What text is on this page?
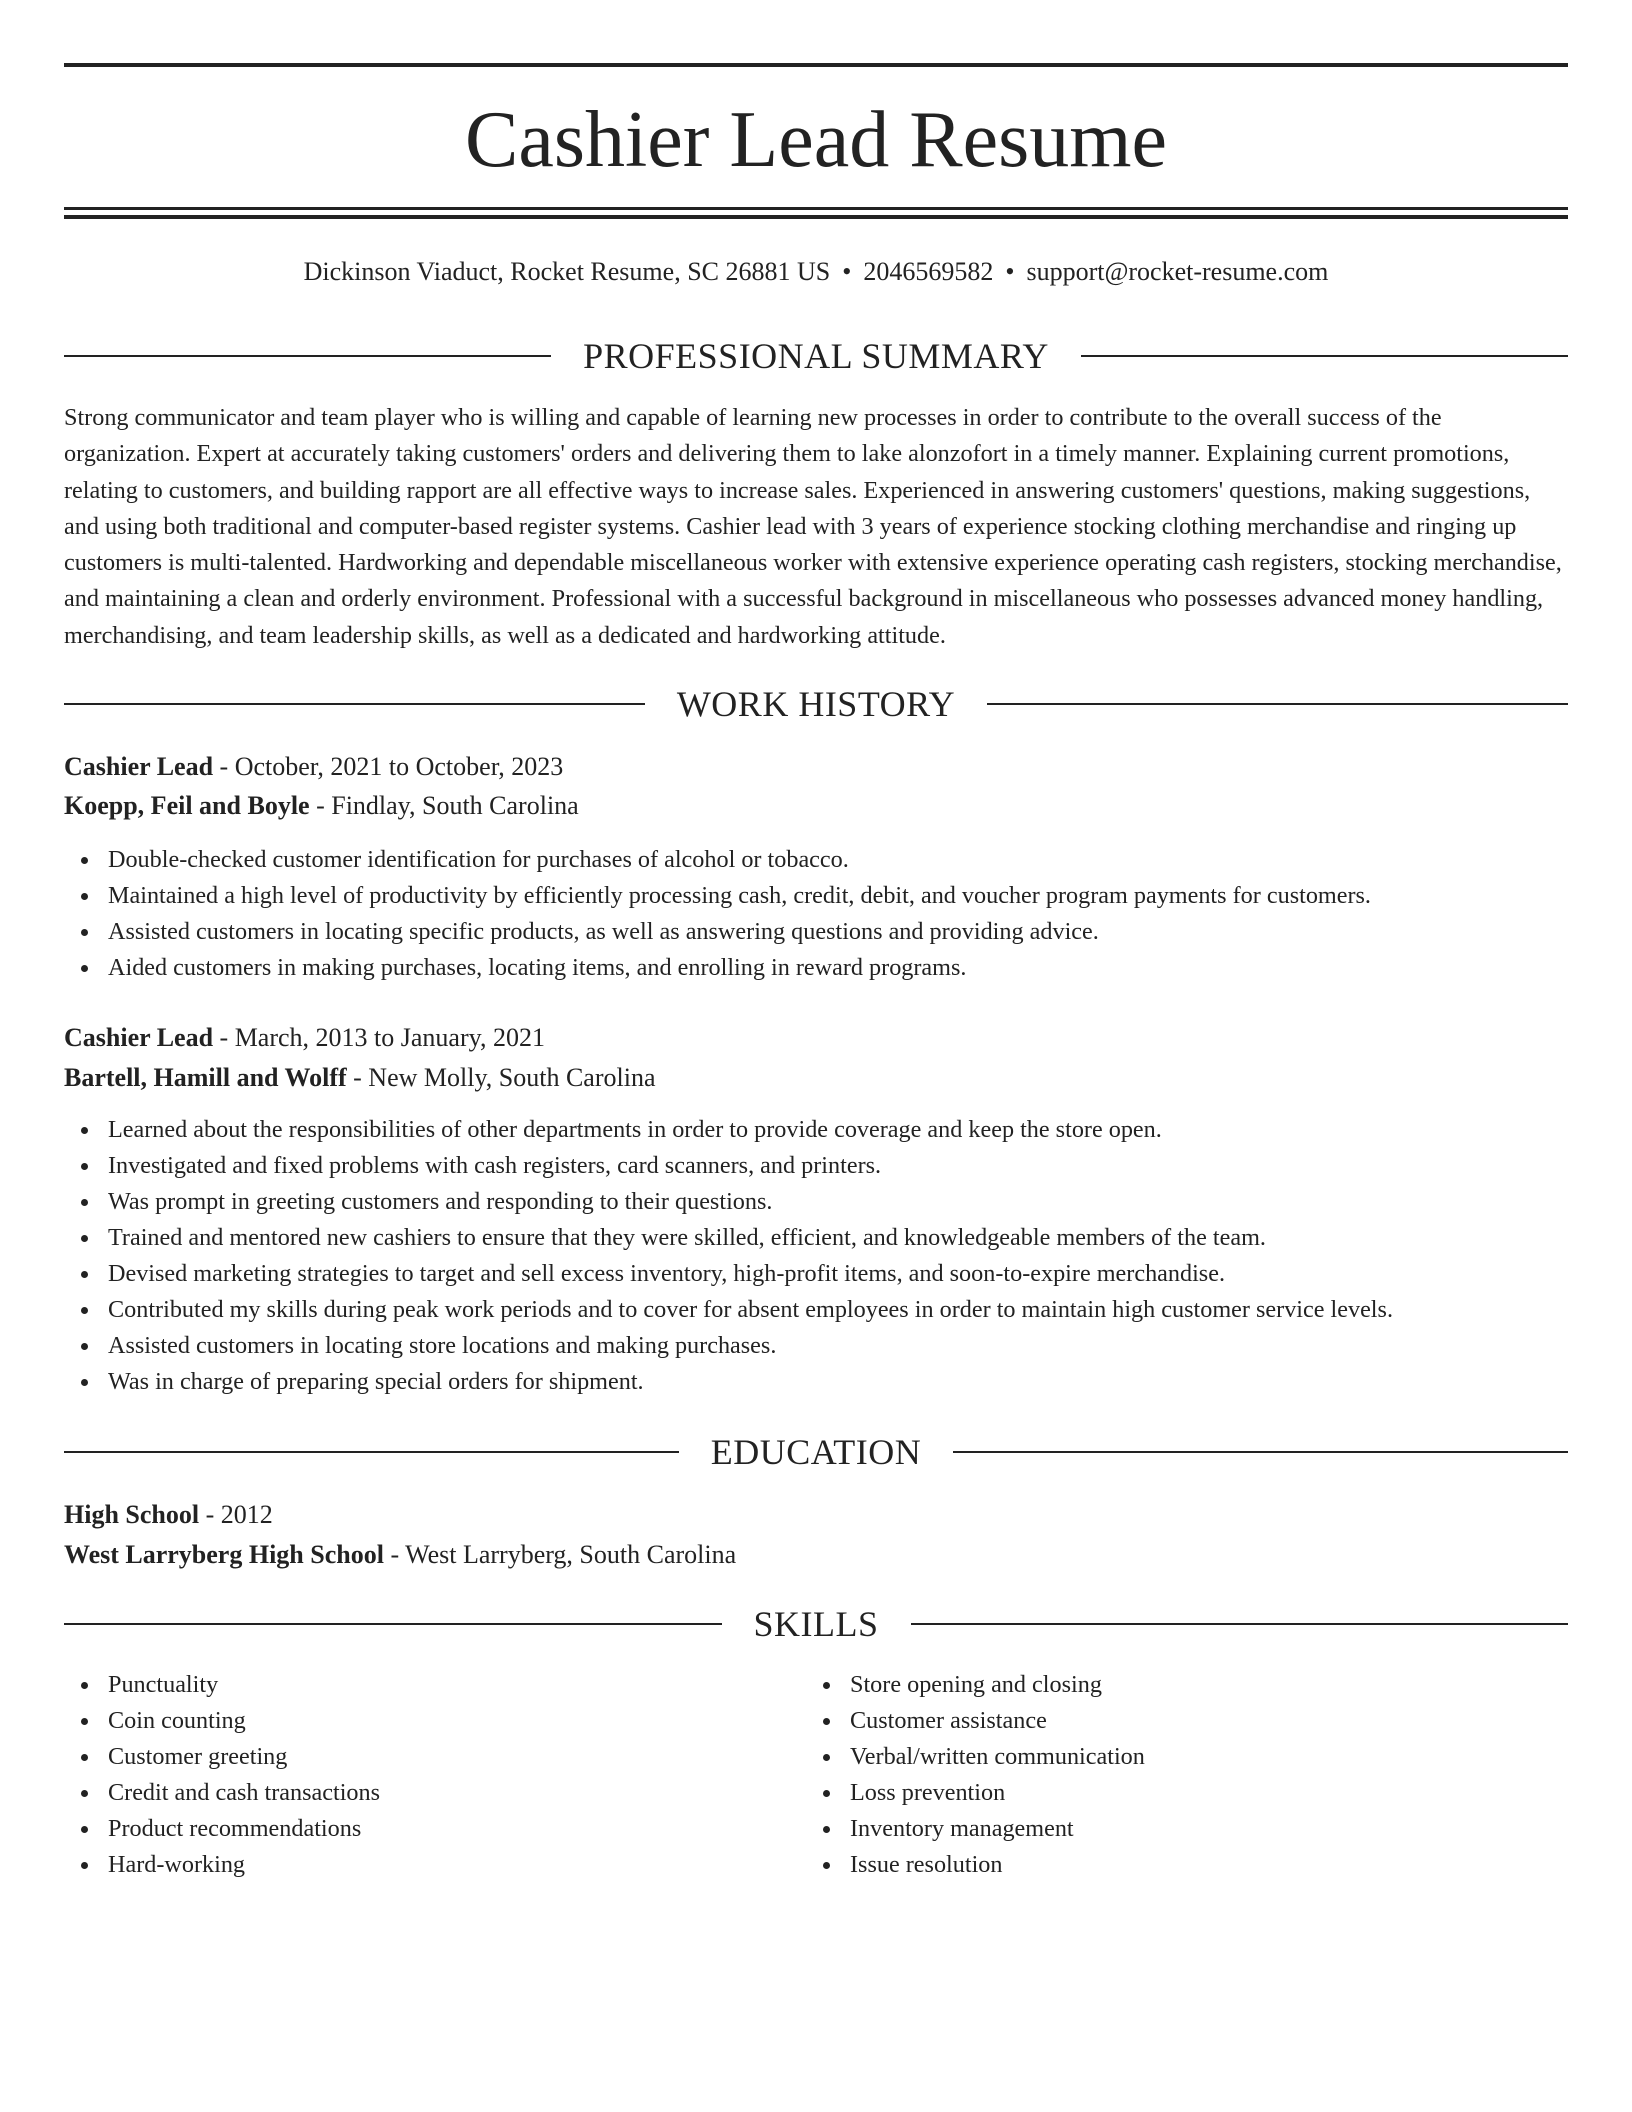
Cashier Lead Resume
Dickinson Viaduct, Rocket Resume, SC 26881 US • 2046569582 • support@rocket-resume.com
PROFESSIONAL SUMMARY

Strong communicator and team player who is willing and capable of learning new processes in order to contribute to the overall success of the organization. Expert at accurately taking customers' orders and delivering them to lake alonzofort in a timely manner. Explaining current promotions, relating to customers, and building rapport are all effective ways to increase sales. Experienced in answering customers' questions, making suggestions, and using both traditional and computer-based register systems. Cashier lead with 3 years of experience stocking clothing merchandise and ringing up customers is multi-talented. Hardworking and dependable miscellaneous worker with extensive experience operating cash registers, stocking merchandise, and maintaining a clean and orderly environment. Professional with a successful background in miscellaneous who possesses advanced money handling, merchandising, and team leadership skills, as well as a dedicated and hardworking attitude.

WORK HISTORY
Cashier Lead - October, 2021 to October, 2023
Koepp, Feil and Boyle - Findlay, South Carolina
Double-checked customer identification for purchases of alcohol or tobacco.
Maintained a high level of productivity by efficiently processing cash, credit, debit, and voucher program payments for customers.
Assisted customers in locating specific products, as well as answering questions and providing advice.
Aided customers in making purchases, locating items, and enrolling in reward programs.
Cashier Lead - March, 2013 to January, 2021
Bartell, Hamill and Wolff - New Molly, South Carolina
Learned about the responsibilities of other departments in order to provide coverage and keep the store open.
Investigated and fixed problems with cash registers, card scanners, and printers.
Was prompt in greeting customers and responding to their questions.
Trained and mentored new cashiers to ensure that they were skilled, efficient, and knowledgeable members of the team.
Devised marketing strategies to target and sell excess inventory, high-profit items, and soon-to-expire merchandise.
Contributed my skills during peak work periods and to cover for absent employees in order to maintain high customer service levels.
Assisted customers in locating store locations and making purchases.
Was in charge of preparing special orders for shipment.
EDUCATION
High School - 2012
West Larryberg High School - West Larryberg, South Carolina
SKILLS
Punctuality
Coin counting
Customer greeting
Credit and cash transactions
Product recommendations
Hard-working
Store opening and closing
Customer assistance
Verbal/written communication
Loss prevention
Inventory management
Issue resolution
